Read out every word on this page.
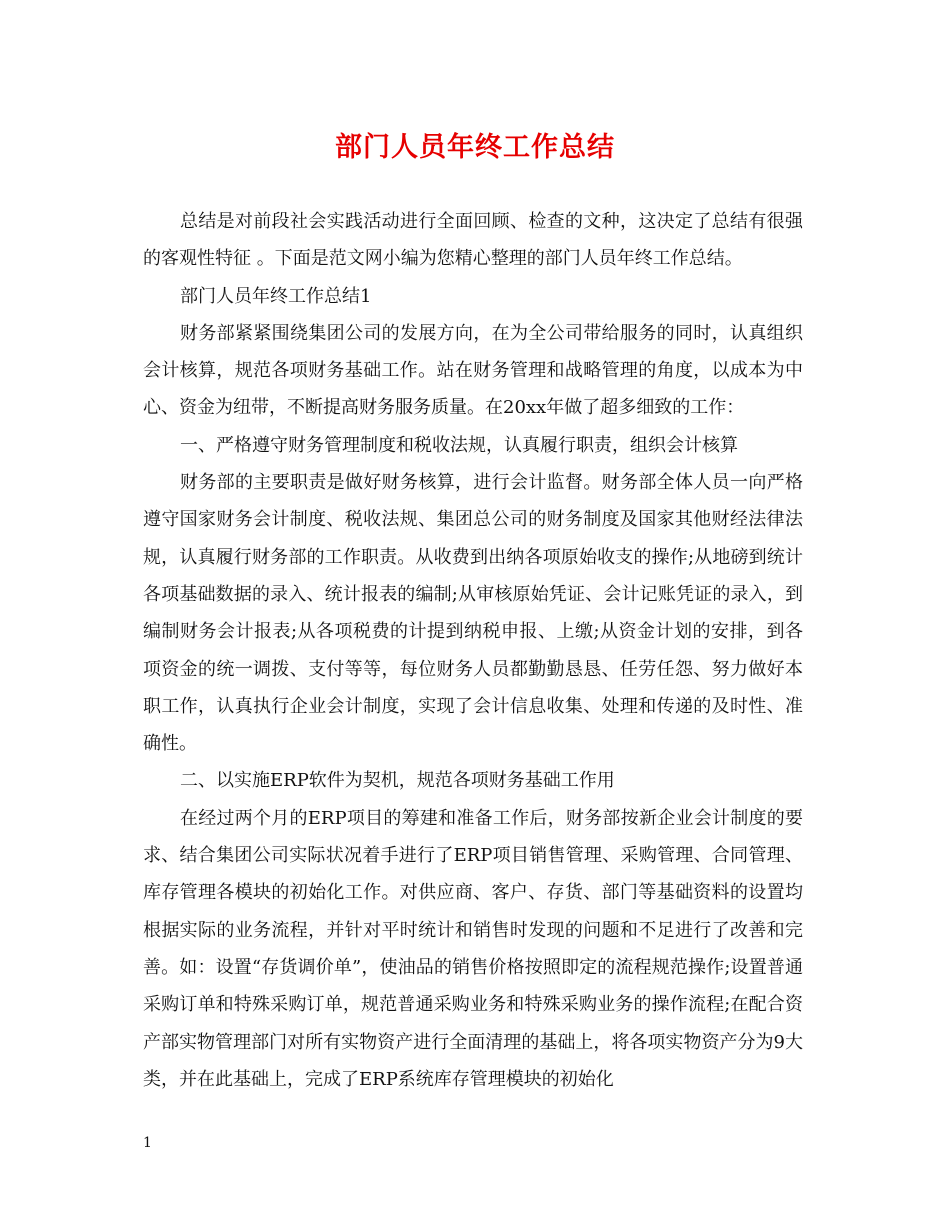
部门人员年终工作总结

总结是对前段社会实践活动进行全面回顾、检查的文种，这决定了总结有很强的客观性特征 。下面是范文网小编为您精心整理的部门人员年终工作总结。

部门人员年终工作总结1

财务部紧紧围绕集团公司的发展方向，在为全公司带给服务的同时，认真组织会计核算，规范各项财务基础工作。站在财务管理和战略管理的角度，以成本为中心、资金为纽带，不断提高财务服务质量。在20xx年做了超多细致的工作：

一、严格遵守财务管理制度和税收法规，认真履行职责，组织会计核算

财务部的主要职责是做好财务核算，进行会计监督。财务部全体人员一向严格遵守国家财务会计制度、税收法规、集团总公司的财务制度及国家其他财经法律法规，认真履行财务部的工作职责。从收费到出纳各项原始收支的操作;从地磅到统计各项基础数据的录入、统计报表的编制;从审核原始凭证、会计记账凭证的录入，到编制财务会计报表;从各项税费的计提到纳税申报、上缴;从资金计划的安排，到各项资金的统一调拨、支付等等，每位财务人员都勤勤恳恳、任劳任怨、努力做好本职工作，认真执行企业会计制度，实现了会计信息收集、处理和传递的及时性、准确性。

二、以实施ERP软件为契机，规范各项财务基础工作用

在经过两个月的ERP项目的筹建和准备工作后，财务部按新企业会计制度的要求、结合集团公司实际状况着手进行了ERP项目销售管理、采购管理、合同管理、库存管理各模块的初始化工作。对供应商、客户、存货、部门等基础资料的设置均根据实际的业务流程，并针对平时统计和销售时发现的问题和不足进行了改善和完善。如：设置“存货调价单”，使油品的销售价格按照即定的流程规范操作;设置普通采购订单和特殊采购订单，规范普通采购业务和特殊采购业务的操作流程;在配合资产部实物管理部门对所有实物资产进行全面清理的基础上，将各项实物资产分为9大类，并在此基础上，完成了ERP系统库存管理模块的初始化

1
